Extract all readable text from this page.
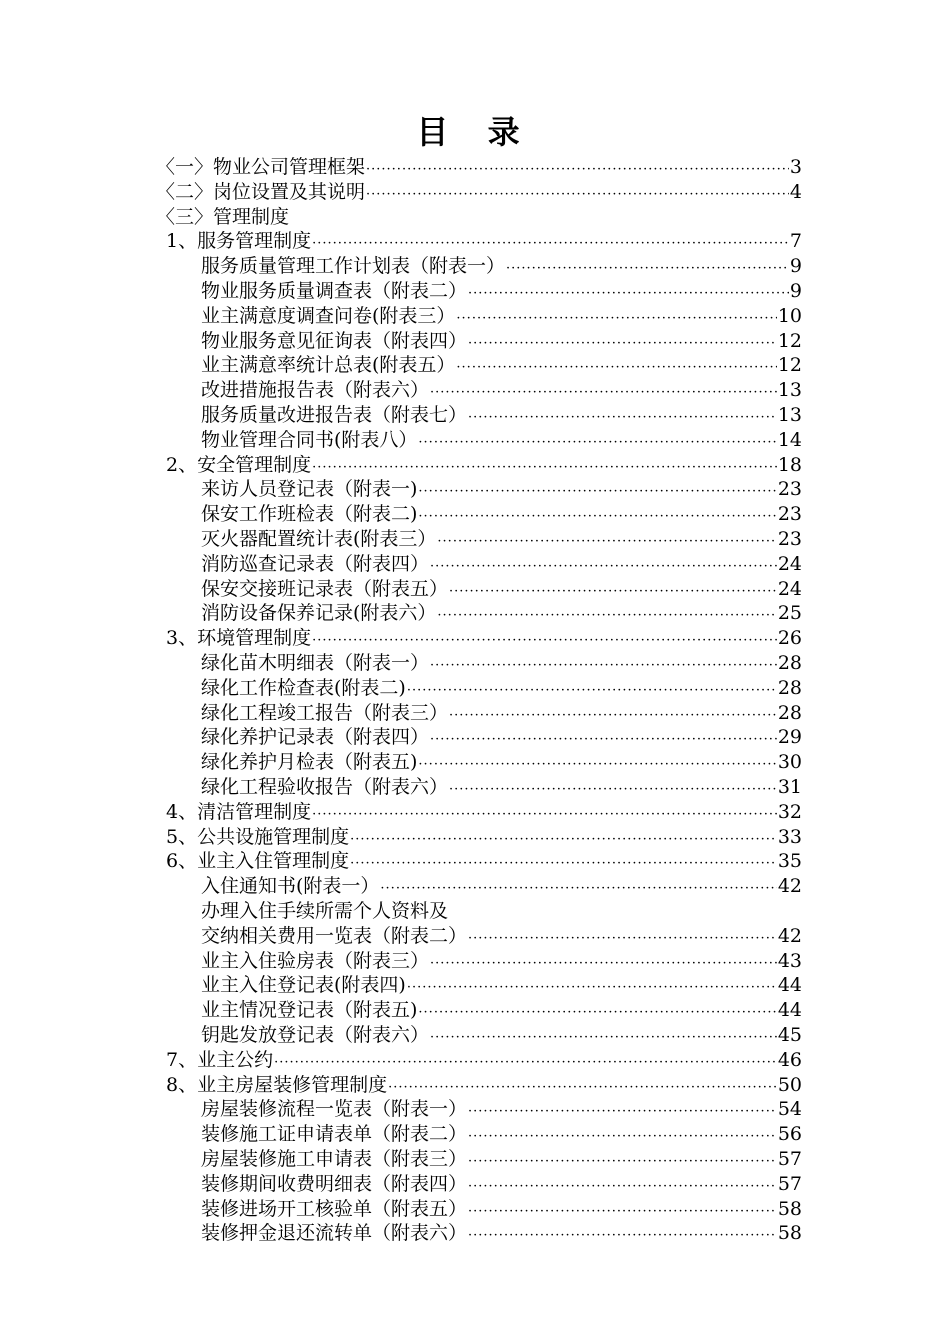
目 录
〈一〉物业公司管理框架 ·····	3
〈二〉岗位设置及其说明 ·····	4
〈三〉管理制度
1、服务管理制度 ·····	7
服务质量管理工作计划表（附表一） ·····	9
物业服务质量调查表（附表二） ·····	9
业主满意度调查问卷(附表三） ·····	10
物业服务意见征询表（附表四） ·····	12
业主满意率统计总表(附表五） ·····	12
改进措施报告表（附表六） ·····	13
服务质量改进报告表（附表七） ·····	13
物业管理合同书(附表八） ·····	14
2、安全管理制度 ·····	18
来访人员登记表（附表一) ·····	23
保安工作班检表（附表二) ·····	23
灭火器配置统计表(附表三） ·····	23
消防巡查记录表（附表四） ·····	24
保安交接班记录表（附表五） ·····	24
消防设备保养记录(附表六） ·····	25
3、环境管理制度 ·····	26
绿化苗木明细表（附表一） ·····	28
绿化工作检查表(附表二) ·····	28
绿化工程竣工报告（附表三） ·····	28
绿化养护记录表（附表四） ·····	29
绿化养护月检表（附表五) ·····	30
绿化工程验收报告（附表六） ·····	31
4、清洁管理制度 ·····	32
5、公共设施管理制度 ·····	33
6、业主入住管理制度 ·····	35
入住通知书(附表一） ·····	42
办理入住手续所需个人资料及
交纳相关费用一览表（附表二） ·····	42
业主入住验房表（附表三） ·····	43
业主入住登记表(附表四) ·····	44
业主情况登记表（附表五) ·····	44
钥匙发放登记表（附表六） ·····	45
7、业主公约 ·····	46
8、业主房屋装修管理制度 ·····	50
房屋装修流程一览表（附表一） ·····	54
装修施工证申请表单（附表二） ·····	56
房屋装修施工申请表（附表三） ·····	57
装修期间收费明细表（附表四） ·····	57
装修进场开工核验单（附表五） ·····	58
装修押金退还流转单（附表六） ·····	58
